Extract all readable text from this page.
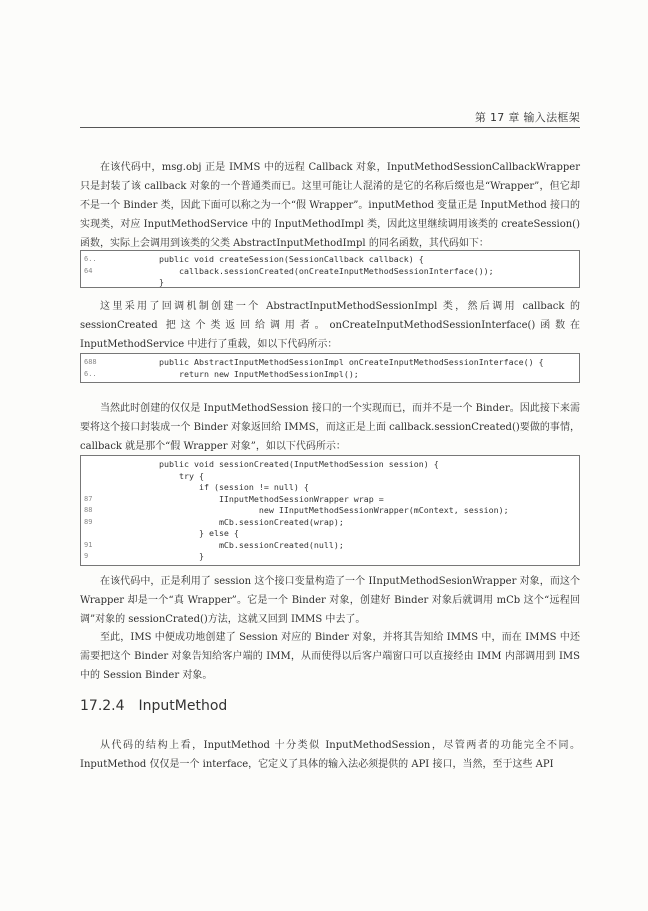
第 17 章 输入法框架

在该代码中，msg.obj 正是 IMMS 中的远程 Callback 对象，InputMethodSessionCallbackWrapper 只是封装了该 callback 对象的一个普通类而已。这里可能让人混淆的是它的名称后缀也是“Wrapper”，但它却不是一个 Binder 类，因此下面可以称之为一个“假 Wrapper”。inputMethod 变量正是 InputMethod 接口的实现类，对应 InputMethodService 中的 InputMethodImpl 类，因此这里继续调用该类的 createSession()函数，实际上会调用到该类的父类 AbstractInputMethodImpl 的同名函数，其代码如下：

6..	public void createSession(SessionCallback callback) {
64	callback.sessionCreated(onCreateInputMethodSessionInterface());
}

这里采用了回调机制创建一个 AbstractInputMethodSessionImpl 类，然后调用 callback 的 sessionCreated 把这个类返回给调用者。onCreateInputMethodSessionInterface()函数在 InputMethodService 中进行了重载，如以下代码所示：

688	public AbstractInputMethodSessionImpl onCreateInputMethodSessionInterface() {
6..	return new InputMethodSessionImpl();

当然此时创建的仅仅是 InputMethodSession 接口的一个实现而已，而并不是一个 Binder。因此接下来需要将这个接口封装成一个 Binder 对象返回给 IMMS，而这正是上面 callback.sessionCreated()要做的事情，callback 就是那个“假 Wrapper 对象”，如以下代码所示：

public void sessionCreated(InputMethodSession session) {
try {
if (session != null) {
87	IInputMethodSessionWrapper wrap =
88	new IInputMethodSessionWrapper(mContext, session);
89	mCb.sessionCreated(wrap);
} else {
91	mCb.sessionCreated(null);
9	}

在该代码中，正是利用了 session 这个接口变量构造了一个 IInputMethodSesionWrapper 对象，而这个 Wrapper 却是一个“真 Wrapper”。它是一个 Binder 对象，创建好 Binder 对象后就调用 mCb 这个“远程回调”对象的 sessionCrated()方法，这就又回到 IMMS 中去了。

至此，IMS 中便成功地创建了 Session 对应的 Binder 对象，并将其告知给 IMMS 中，而在 IMMS 中还需要把这个 Binder 对象告知给客户端的 IMM，从而使得以后客户端窗口可以直接经由 IMM 内部调用到 IMS 中的 Session Binder 对象。

17.2.4 InputMethod

从代码的结构上看，InputMethod 十分类似 InputMethodSession，尽管两者的功能完全不同。InputMethod 仅仅是一个 interface，它定义了具体的输入法必须提供的 API 接口，当然，至于这些 API
